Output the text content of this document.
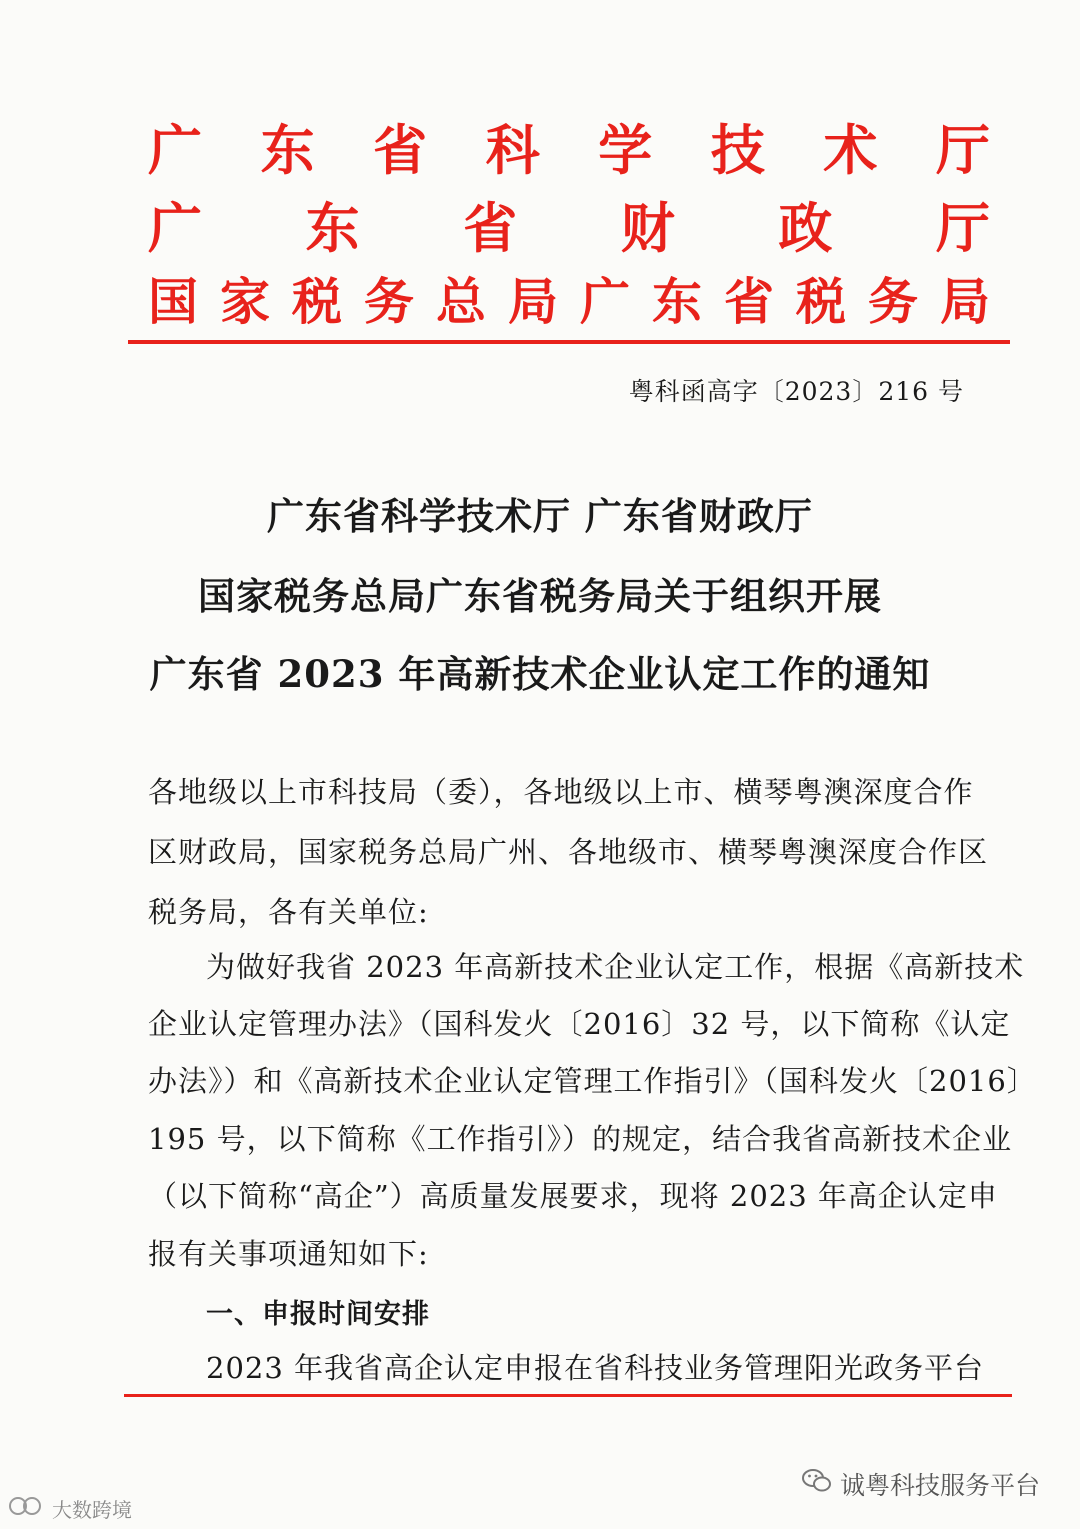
广 东 省 科 学 技 术 厅
广 东 省 财 政 厅
国 家 税 务 总 局 广 东 省 税 务 局
粤科函高字〔2023〕216 号
广东省科学技术厅 广东省财政厅
国家税务总局广东省税务局关于组织开展
广东省 2023 年高新技术企业认定工作的通知
各地级以上市科技局（委），各地级以上市、横琴粤澳深度合作
区财政局，国家税务总局广州、各地级市、横琴粤澳深度合作区
税务局，各有关单位:
为做好我省 2023 年高新技术企业认定工作，根据《高新技术
企业认定管理办法》（国科发火〔2016〕32 号，以下简称《认定
办法》）和《高新技术企业认定管理工作指引》（国科发火〔2016〕
195 号，以下简称《工作指引》）的规定，结合我省高新技术企业
（以下简称“高企”）高质量发展要求，现将 2023 年高企认定申
报有关事项通知如下:
一、申报时间安排
2023 年我省高企认定申报在省科技业务管理阳光政务平台
诚粤科技服务平台
大数跨境
